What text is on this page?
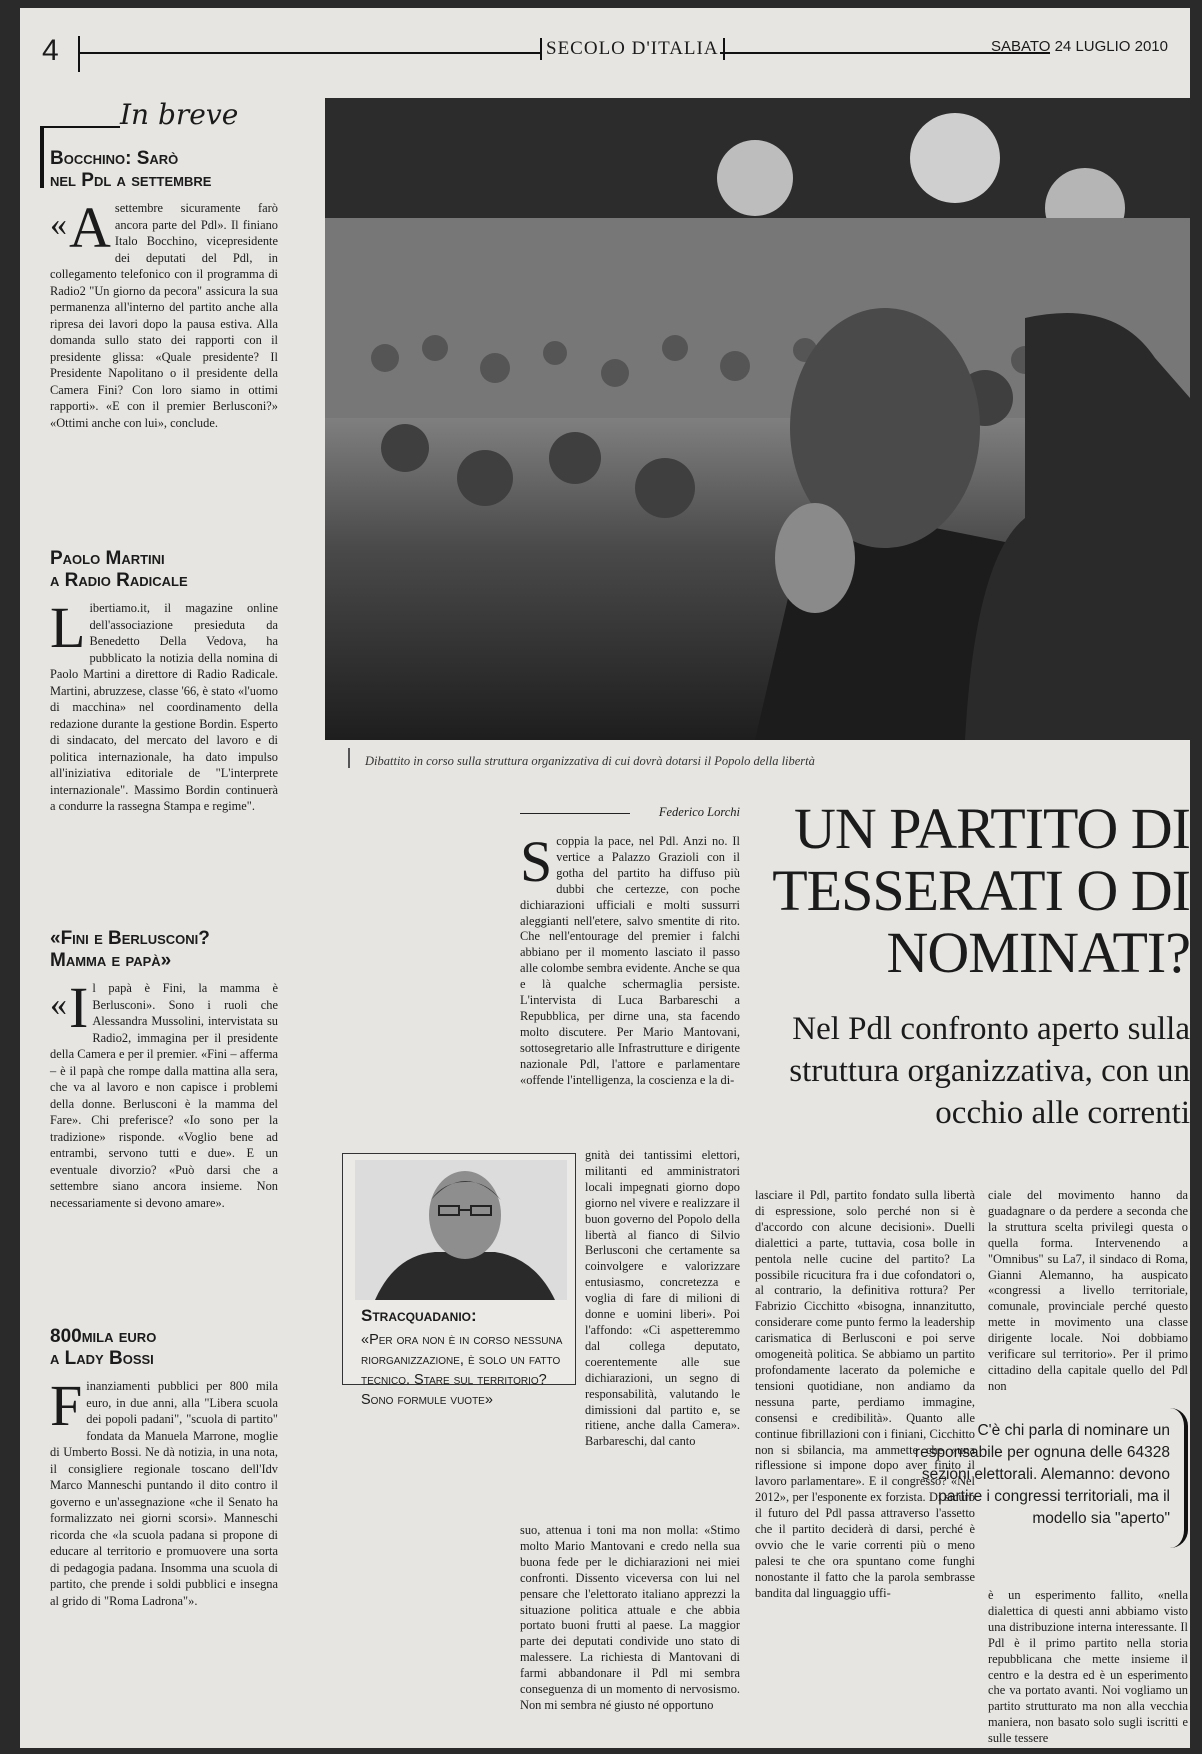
4	SECOLO D'ITALIA	SABATO 24 LUGLIO 2010
In breve
Bocchino: Sarò
nel Pdl a settembre
« A settembre sicuramente farò ancora parte del Pdl». Il finiano Italo Bocchino, vicepresidente dei deputati del Pdl, in collegamento telefonico con il programma di Radio2 "Un giorno da pecora" assicura la sua permanenza all'interno del partito anche alla ripresa dei lavori dopo la pausa estiva. Alla domanda sullo stato dei rapporti con il presidente glissa: «Quale presidente? Il Presidente Napolitano o il presidente della Camera Fini? Con loro siamo in ottimi rapporti». «E con il premier Berlusconi?» «Ottimi anche con lui», conclude.
Paolo Martini
a Radio Radicale
Libertiamo.it, il magazine online dell'associazione presieduta da Benedetto Della Vedova, ha pubblicato la notizia della nomina di Paolo Martini a direttore di Radio Radicale. Martini, abruzzese, classe '66, è stato «l'uomo di macchina» nel coordinamento della redazione durante la gestione Bordin. Esperto di sindacato, del mercato del lavoro e di politica internazionale, ha dato impulso all'iniziativa editoriale de "L'interprete internazionale". Massimo Bordin continuerà a condurre la rassegna Stampa e regime".
«Fini e Berlusconi?
Mamma e papà»
« I l papà è Fini, la mamma è Berlusconi». Sono i ruoli che Alessandra Mussolini, intervistata su Radio2, immagina per il presidente della Camera e per il premier. «Fini – afferma – è il papà che rompe dalla mattina alla sera, che va al lavoro e non capisce i problemi della donne. Berlusconi è la mamma del Fare». Chi preferisce? «Io sono per la tradizione» risponde. «Voglio bene ad entrambi, servono tutti e due». E un eventuale divorzio? «Può darsi che a settembre siano ancora insieme. Non necessariamente si devono amare».
800mila euro
a Lady Bossi
Finanziamenti pubblici per 800 mila euro, in due anni, alla "Libera scuola dei popoli padani", "scuola di partito" fondata da Manuela Marrone, moglie di Umberto Bossi. Ne dà notizia, in una nota, il consigliere regionale toscano dell'Idv Marco Manneschi puntando il dito contro il governo e un'assegnazione «che il Senato ha formalizzato nei giorni scorsi». Manneschi ricorda che «la scuola padana si propone di educare al territorio e promuovere una sorta di pedagogia padana. Insomma una scuola di partito, che prende i soldi pubblici e insegna al grido di "Roma Ladrona"».
Dibattito in corso sulla struttura organizzativa di cui dovrà dotarsi il Popolo della libertà
Federico Lorchi UN PARTITO DI TESSERATI O DI NOMINATI?
Nel Pdl confronto aperto sulla struttura organizzativa, con un occhio alle correnti

Scoppia la pace, nel Pdl. Anzi no. Il vertice a Palazzo Grazioli con il gotha del partito ha diffuso più dubbi che certezze, con poche dichiarazioni ufficiali e molti sussurri aleggianti nell'etere, salvo smentite di rito. Che nell'entourage del premier i falchi abbiano per il momento lasciato il passo alle colombe sembra evidente. Anche se qua e là qualche schermaglia persiste. L'intervista di Luca Barbareschi a Repubblica, per dirne una, sta facendo molto discutere. Per Mario Mantovani, sottosegretario alle Infrastrutture e dirigente nazionale Pdl, l'attore e parlamentare «offende l'intelligenza, la coscienza e la di-

gnità dei tantissimi elettori, militanti ed amministratori locali impegnati giorno dopo giorno nel vivere e realizzare il buon governo del Popolo della libertà al fianco di Silvio Berlusconi che certamente sa coinvolgere e valorizzare entusiasmo, concretezza e voglia di fare di milioni di donne e uomini liberi». Poi l'affondo: «Ci aspetteremmo dal collega deputato, coerentemente alle sue dichiarazioni, un segno di responsabilità, valutando le dimissioni dal partito e, se ritiene, anche dalla Camera». Barbareschi, dal canto

suo, attenua i toni ma non molla: «Stimo molto Mario Mantovani e credo nella sua buona fede per le dichiarazioni nei miei confronti. Dissento viceversa con lui nel pensare che l'elettorato italiano apprezzi la situazione politica attuale e che abbia portato buoni frutti al paese. La maggior parte dei deputati condivide uno stato di malessere. La richiesta di Mantovani di farmi abbandonare il Pdl mi sembra conseguenza di un momento di nervosismo. Non mi sembra né giusto né opportuno

lasciare il Pdl, partito fondato sulla libertà di espressione, solo perché non si è d'accordo con alcune decisioni». Duelli dialettici a parte, tuttavia, cosa bolle in pentola nelle cucine del partito? La possibile ricucitura fra i due cofondatori o, al contrario, la definitiva rottura? Per Fabrizio Cicchitto «bisogna, innanzitutto, considerare come punto fermo la leadership carismatica di Berlusconi e poi serve omogeneità politica. Se abbiamo un partito profondamente lacerato da polemiche e tensioni quotidiane, non andiamo da nessuna parte, perdiamo immagine, consensi e credibilità». Quanto alle continue fibrillazioni con i finiani, Cicchitto non si sbilancia, ma ammette che «una riflessione si impone dopo aver finito il lavoro parlamentare». E il congresso? «Nel 2012», per l'esponente ex forzista. Di sicuro il futuro del Pdl passa attraverso l'assetto che il partito deciderà di darsi, perché è ovvio che le varie correnti più o meno palesi te che ora spuntano come funghi nonostante il fatto che la parola sembrasse bandita dal linguaggio uffi-

ciale del movimento hanno da guadagnare o da perdere a seconda che la struttura scelta privilegi questa o quella forma. Intervenendo a "Omnibus" su La7, il sindaco di Roma, Gianni Alemanno, ha auspicato «congressi a livello territoriale, comunale, provinciale perché questo mette in movimento una classe dirigente locale. Noi dobbiamo verificare sul territorio». Per il primo cittadino della capitale quello del Pdl non

è un esperimento fallito, «nella dialettica di questi anni abbiamo visto una distribuzione interna interessante. Il Pdl è il primo partito nella storia repubblicana che mette insieme il centro e la destra ed è un esperimento che va portato avanti. Noi vogliamo un partito strutturato ma non alla vecchia maniera, non basato solo sugli iscritti e sulle tessere

Stracquadanio:
«Per ora non è in corso nessuna riorganizzazione, è solo un fatto tecnico. Stare sul territorio? Sono formule vuote»
C'è chi parla di nominare un responsabile per ognuna delle 64328 sezioni elettorali. Alemanno: devono partire i congressi territoriali, ma il modello sia "aperto"
